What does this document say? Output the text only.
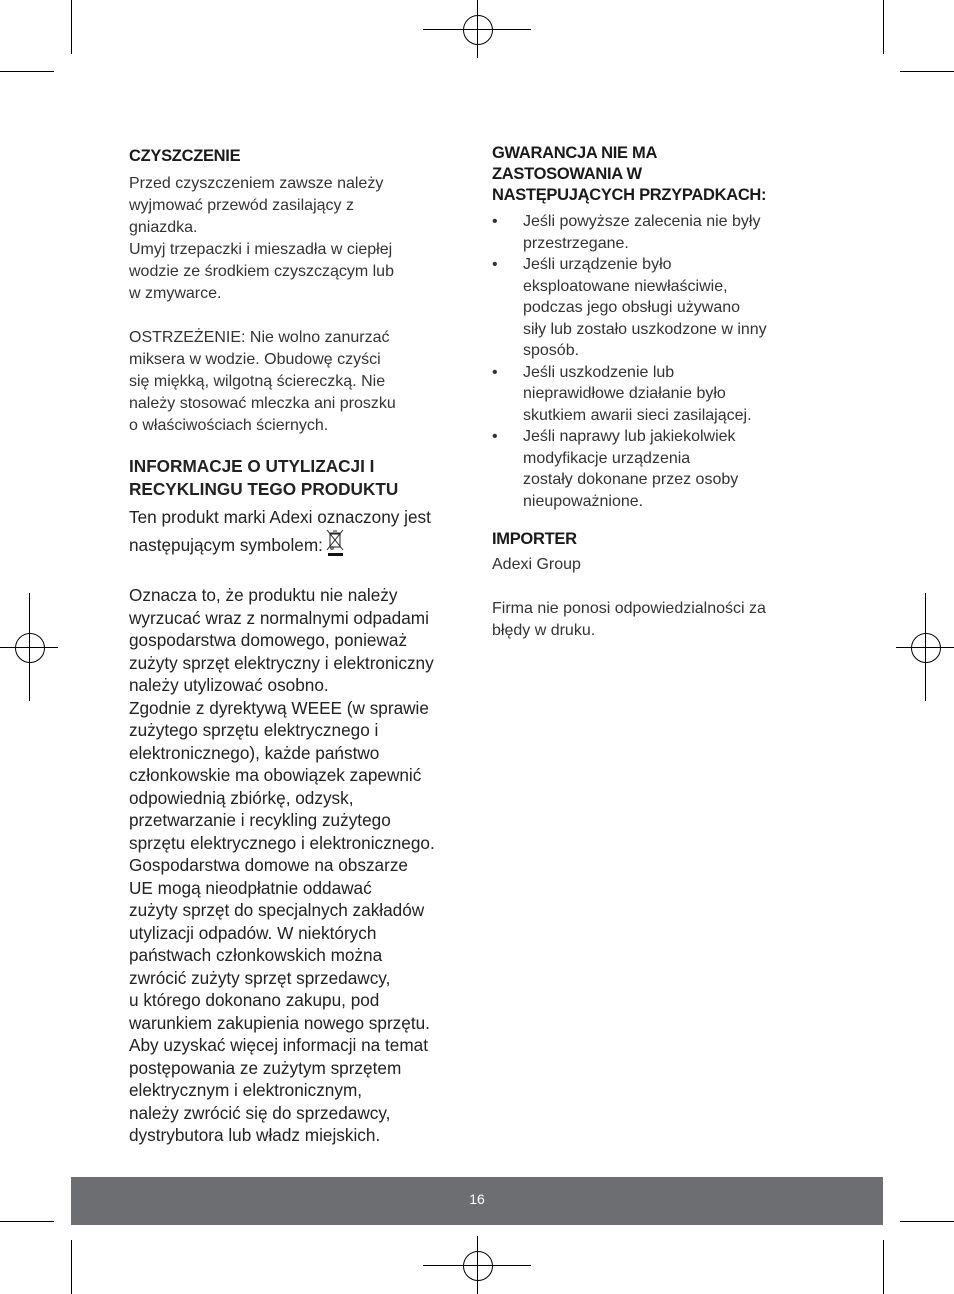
CZYSZCZENIE

Przed czyszczeniem zawsze należy
wyjmować przewód zasilający z
gniazdka.
Umyj trzepaczki i mieszadła w ciepłej
wodzie ze środkiem czyszczącym lub
w zmywarce.

OSTRZEŻENIE: Nie wolno zanurzać
miksera w wodzie. Obudowę czyści
się miękką, wilgotną ściereczką. Nie
należy stosować mleczka ani proszku
o właściwościach ściernych.

INFORMACJE O UTYLIZACJI I
RECYKLINGU TEGO PRODUKTU

Ten produkt marki Adexi oznaczony jest
następującym symbolem:

Oznacza to, że produktu nie należy
wyrzucać wraz z normalnymi odpadami
gospodarstwa domowego, ponieważ
zużyty sprzęt elektryczny i elektroniczny
należy utylizować osobno.
Zgodnie z dyrektywą WEEE (w sprawie
zużytego sprzętu elektrycznego i
elektronicznego), każde państwo
członkowskie ma obowiązek zapewnić
odpowiednią zbiórkę, odzysk,
przetwarzanie i recykling zużytego
sprzętu elektrycznego i elektronicznego.
Gospodarstwa domowe na obszarze
UE mogą nieodpłatnie oddawać
zużyty sprzęt do specjalnych zakładów
utylizacji odpadów. W niektórych
państwach członkowskich można
zwrócić zużyty sprzęt sprzedawcy,
u którego dokonano zakupu, pod
warunkiem zakupienia nowego sprzętu.
Aby uzyskać więcej informacji na temat
postępowania ze zużytym sprzętem
elektrycznym i elektronicznym,
należy zwrócić się do sprzedawcy,
dystrybutora lub władz miejskich.

GWARANCJA NIE MA
ZASTOSOWANIA W
NASTĘPUJĄCYCH PRZYPADKACH:
• Jeśli powyższe zalecenia nie były
przestrzegane.
• Jeśli urządzenie było
eksploatowane niewłaściwie,
podczas jego obsługi używano
siły lub zostało uszkodzone w inny
sposób.
• Jeśli uszkodzenie lub
nieprawidłowe działanie było
skutkiem awarii sieci zasilającej.
• Jeśli naprawy lub jakiekolwiek
modyfikacje urządzenia
zostały dokonane przez osoby
nieupoważnione.
IMPORTER

Adexi Group

Firma nie ponosi odpowiedzialności za
błędy w druku.

16
